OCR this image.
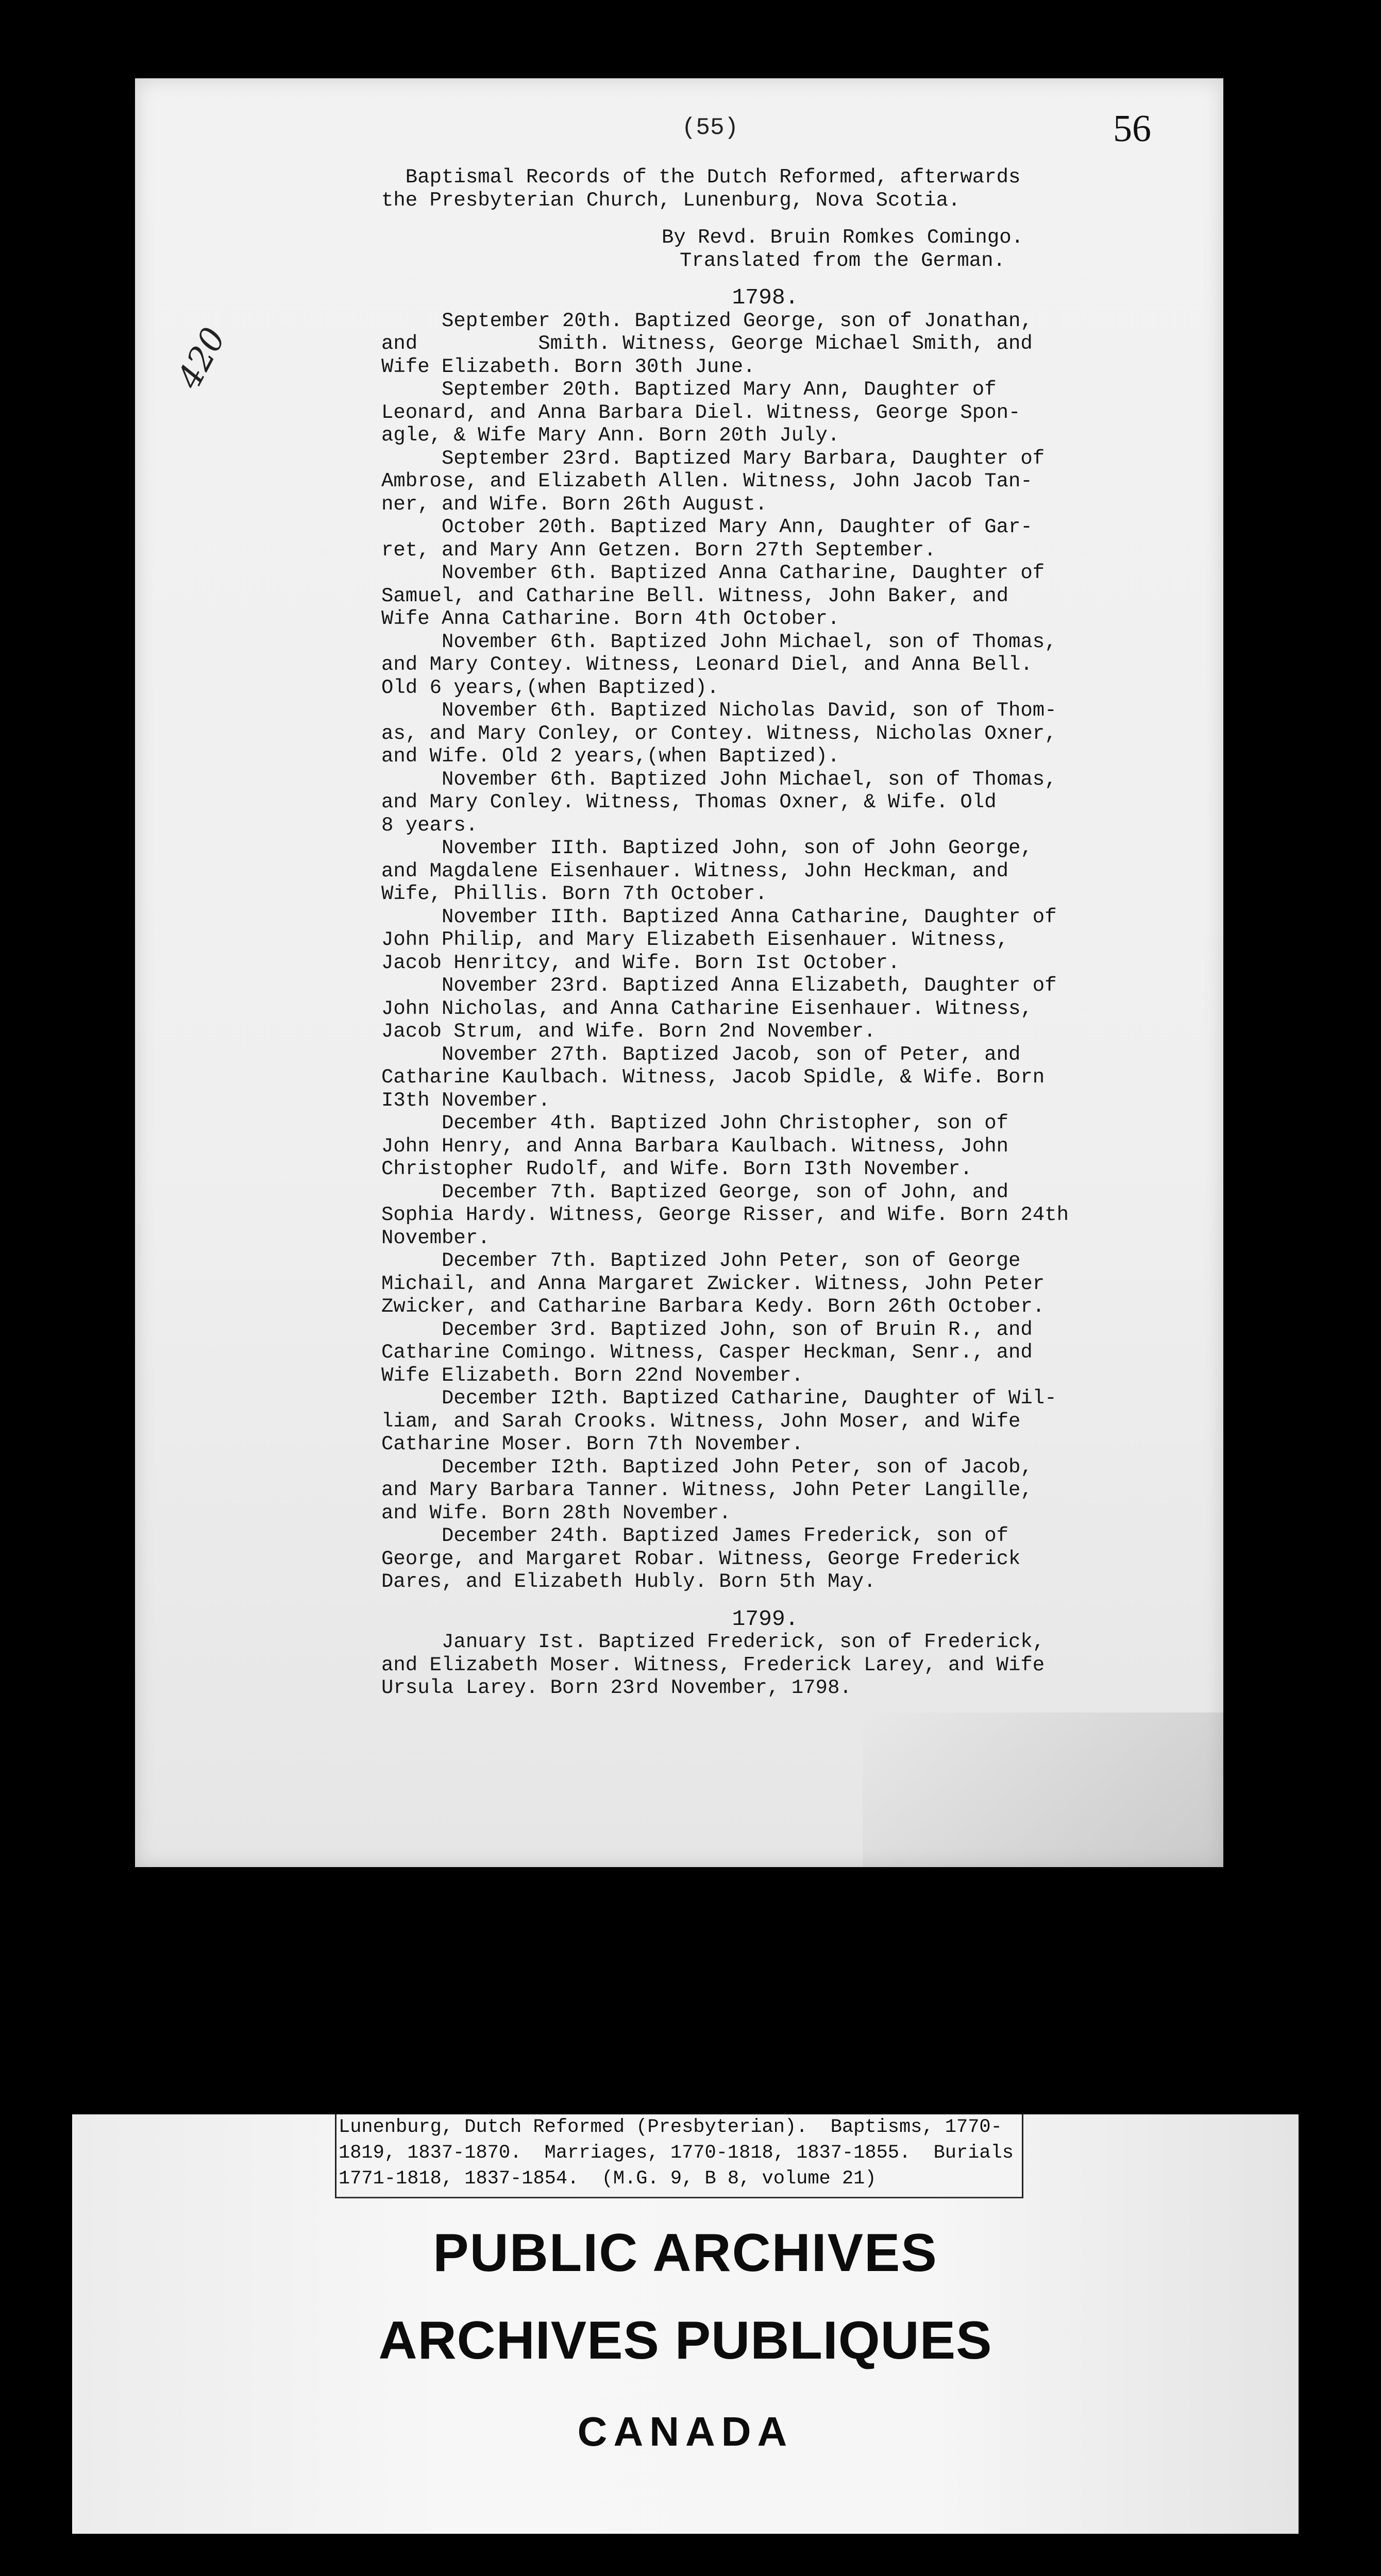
(55)	56
420
Baptismal Records of the Dutch Reformed, afterwards
the Presbyterian Church, Lunenburg, Nova Scotia.
By Revd. Bruin Romkes Comingo.
Translated from the German.
1798.
September 20th. Baptized George, son of Jonathan,
and          Smith. Witness, George Michael Smith, and
Wife Elizabeth. Born 30th June.
September 20th. Baptized Mary Ann, Daughter of
Leonard, and Anna Barbara Diel. Witness, George Spon-
agle, & Wife Mary Ann. Born 20th July.
September 23rd. Baptized Mary Barbara, Daughter of
Ambrose, and Elizabeth Allen. Witness, John Jacob Tan-
ner, and Wife. Born 26th August.
October 20th. Baptized Mary Ann, Daughter of Gar-
ret, and Mary Ann Getzen. Born 27th September.
November 6th. Baptized Anna Catharine, Daughter of
Samuel, and Catharine Bell. Witness, John Baker, and
Wife Anna Catharine. Born 4th October.
November 6th. Baptized John Michael, son of Thomas,
and Mary Contey. Witness, Leonard Diel, and Anna Bell.
Old 6 years,(when Baptized).
November 6th. Baptized Nicholas David, son of Thom-
as, and Mary Conley, or Contey. Witness, Nicholas Oxner,
and Wife. Old 2 years,(when Baptized).
November 6th. Baptized John Michael, son of Thomas,
and Mary Conley. Witness, Thomas Oxner, & Wife. Old
8 years.
November IIth. Baptized John, son of John George,
and Magdalene Eisenhauer. Witness, John Heckman, and
Wife, Phillis. Born 7th October.
November IIth. Baptized Anna Catharine, Daughter of
John Philip, and Mary Elizabeth Eisenhauer. Witness,
Jacob Henritcy, and Wife. Born Ist October.
November 23rd. Baptized Anna Elizabeth, Daughter of
John Nicholas, and Anna Catharine Eisenhauer. Witness,
Jacob Strum, and Wife. Born 2nd November.
November 27th. Baptized Jacob, son of Peter, and
Catharine Kaulbach. Witness, Jacob Spidle, & Wife. Born
I3th November.
December 4th. Baptized John Christopher, son of
John Henry, and Anna Barbara Kaulbach. Witness, John
Christopher Rudolf, and Wife. Born I3th November.
December 7th. Baptized George, son of John, and
Sophia Hardy. Witness, George Risser, and Wife. Born 24th
November.
December 7th. Baptized John Peter, son of George
Michail, and Anna Margaret Zwicker. Witness, John Peter
Zwicker, and Catharine Barbara Kedy. Born 26th October.
December 3rd. Baptized John, son of Bruin R., and
Catharine Comingo. Witness, Casper Heckman, Senr., and
Wife Elizabeth. Born 22nd November.
December I2th. Baptized Catharine, Daughter of Wil-
liam, and Sarah Crooks. Witness, John Moser, and Wife
Catharine Moser. Born 7th November.
December I2th. Baptized John Peter, son of Jacob,
and Mary Barbara Tanner. Witness, John Peter Langille,
and Wife. Born 28th November.
December 24th. Baptized James Frederick, son of
George, and Margaret Robar. Witness, George Frederick
Dares, and Elizabeth Hubly. Born 5th May.
1799.
January Ist. Baptized Frederick, son of Frederick,
and Elizabeth Moser. Witness, Frederick Larey, and Wife
Ursula Larey. Born 23rd November, 1798.
Lunenburg, Dutch Reformed (Presbyterian).  Baptisms, 1770-
1819, 1837-1870.  Marriages, 1770-1818, 1837-1855.  Burials
1771-1818, 1837-1854.  (M.G. 9, B 8, volume 21)
PUBLIC ARCHIVES
ARCHIVES PUBLIQUES
CANADA
